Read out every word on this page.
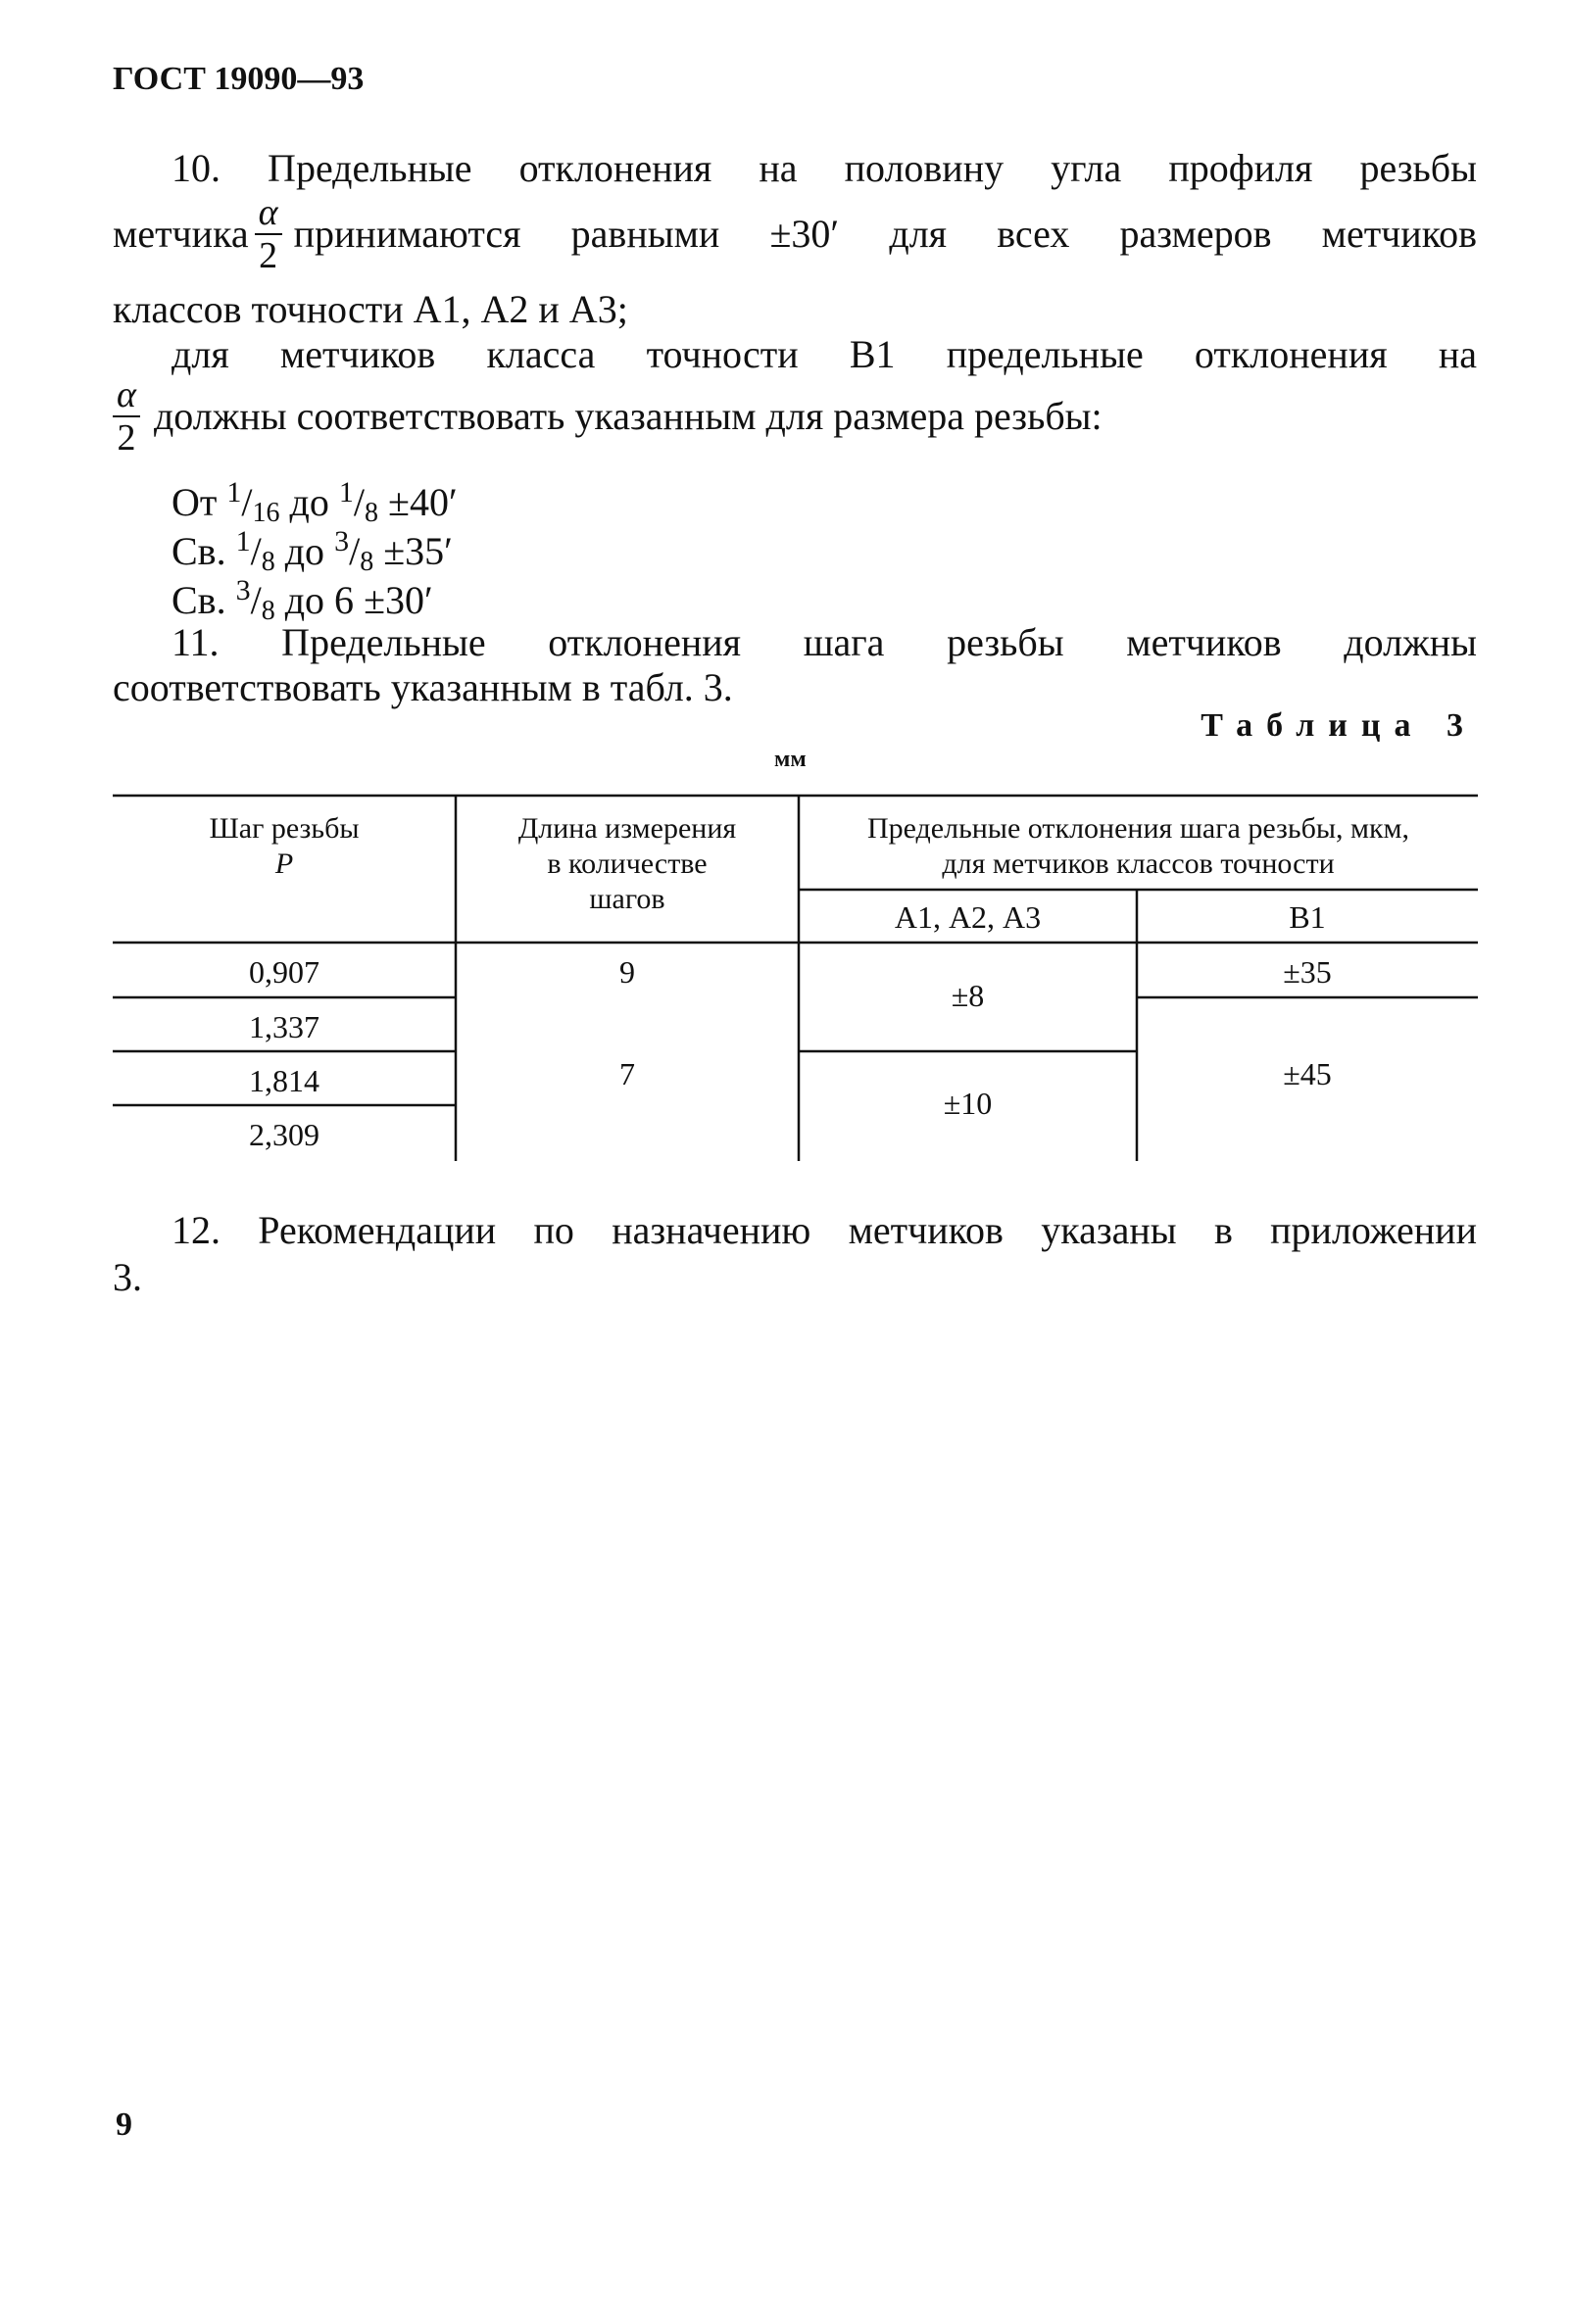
ГОСТ 19090—93
10. Предельные отклонения на половину угла профиля резьбы
метчика $\frac{\alpha}{2}$ принимаются равными ±30′ для всех размеров метчиков
классов точности А1, А2 и А3;
для метчиков класса точности В1 предельные отклонения на
$\frac{\alpha}{2}$ должны соответствовать указанным для размера резьбы:
От $^1/_{16}$ до $^1/_8 \pm 40'$
Св. $^1/_8$ до $^3/_8 \pm 35'$
Св. $^3/_8$ до 6 ±30′
11. Предельные отклонения шага резьбы метчиков должны
соответствовать указанным в табл. 3.
Таблица 3
мм
Шаг резьбы
P
Длина измерения
в количестве
шагов
Предельные отклонения шага резьбы, мкм,
для метчиков классов точности
А1, А2, А3	В1
0,907
1,337
1,814
2,309
9
7
±8
±10
±35
±45
12. Рекомендации по назначению метчиков указаны в приложении
3.
9
